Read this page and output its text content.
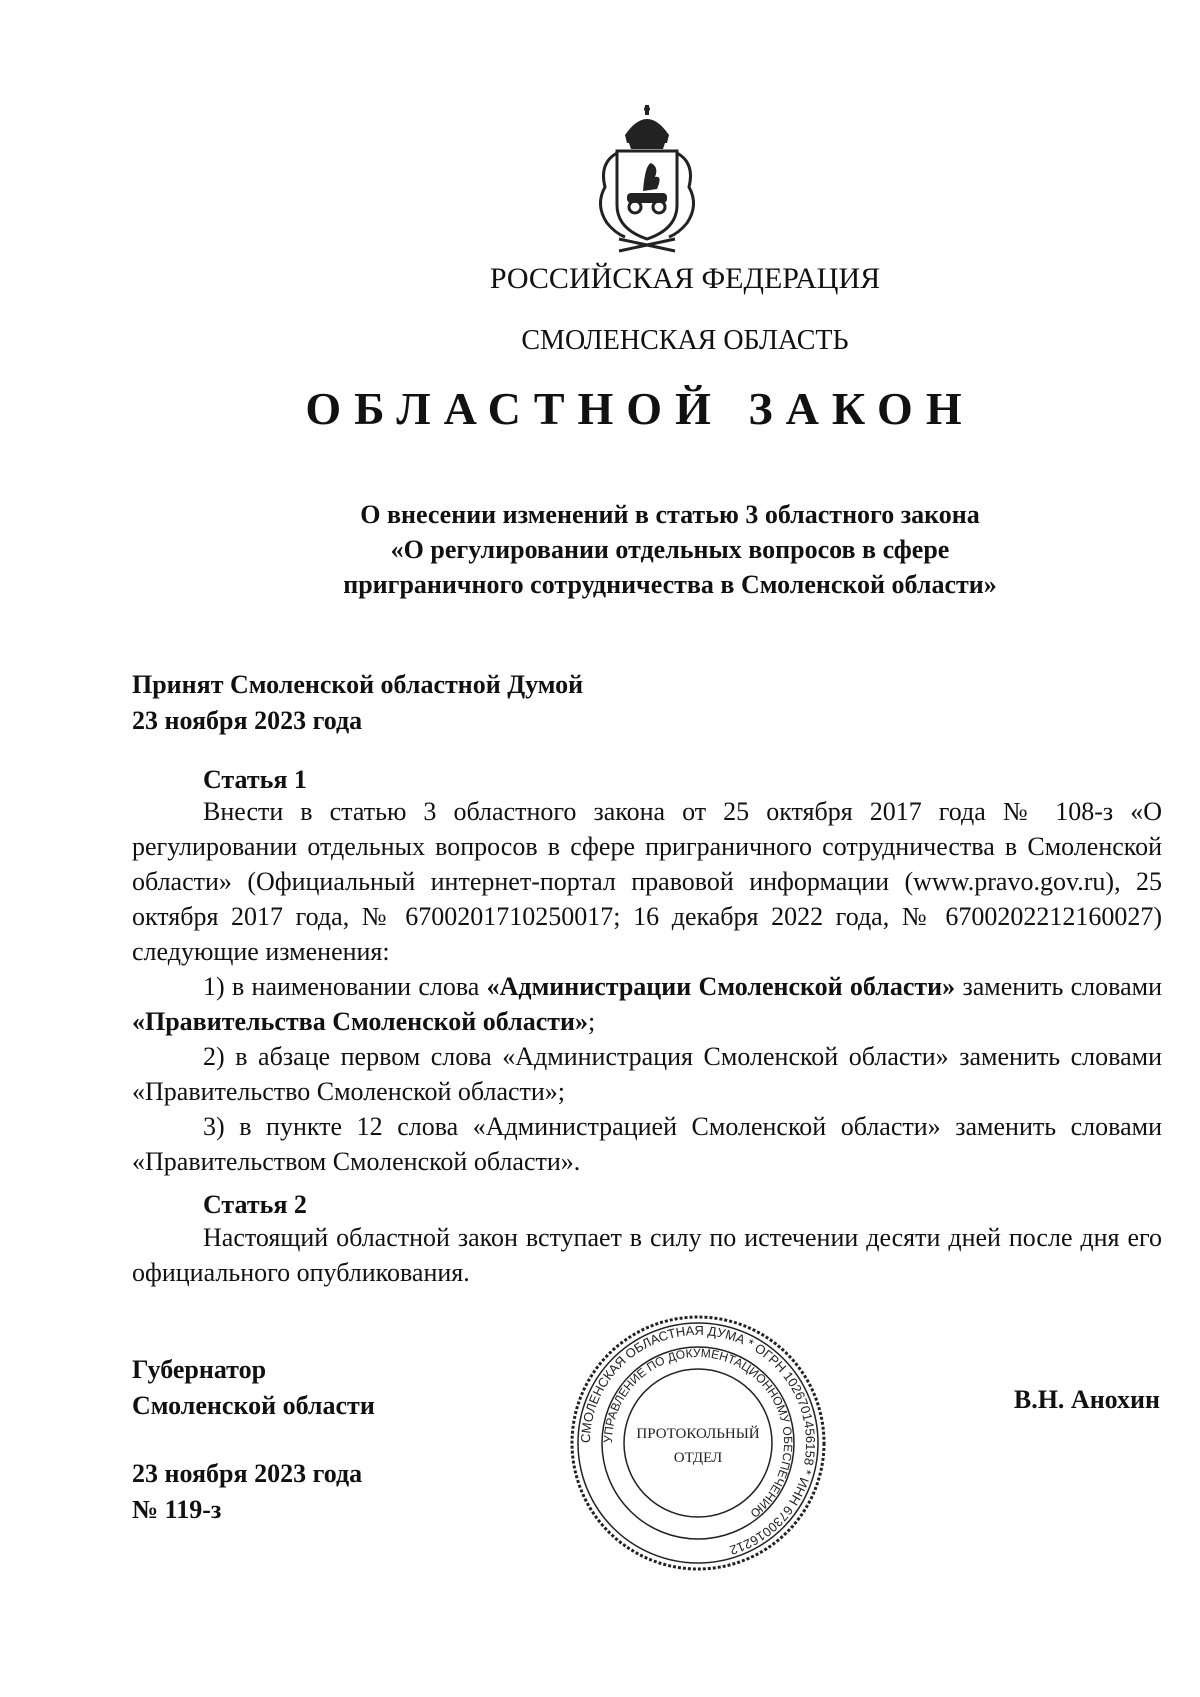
РОССИЙСКАЯ ФЕДЕРАЦИЯ
СМОЛЕНСКАЯ ОБЛАСТЬ
ОБЛАСТНОЙ ЗАКОН
О внесении изменений в статью 3 областного закона
«О регулировании отдельных вопросов в сфере
приграничного сотрудничества в Смоленской области»
Принят Смоленской областной Думой
23 ноября 2023 года
Статья 1

Внести в статью 3 областного закона от 25 октября 2017 года № 108-з «О регулировании отдельных вопросов в сфере приграничного сотрудничества в Смоленской области» (Официальный интернет-портал правовой информации (www.pravo.gov.ru), 25 октября 2017 года, № 6700201710250017; 16 декабря 2022 года, № 6700202212160027) следующие изменения:

1) в наименовании слова «Администрации Смоленской области» заменить словами «Правительства Смоленской области»;

2) в абзаце первом слова «Администрация Смоленской области» заменить словами «Правительство Смоленской области»;

3) в пункте 12 слова «Администрацией Смоленской области» заменить словами «Правительством Смоленской области».

Статья 2

Настоящий областной закон вступает в силу по истечении десяти дней после дня его официального опубликования.

Губернатор
Смоленской области	В.Н. Анохин
23 ноября 2023 года
№ 119-з
СМОЛЕНСКАЯ ОБЛАСТНАЯ ДУМА * ОГРН 1026701456158 * ИНН 6730016212
УПРАВЛЕНИЕ ПО ДОКУМЕНТАЦИОННОМУ ОБЕСПЕЧЕНИЮ
ПРОТОКОЛЬНЫЙ
ОТДЕЛ
